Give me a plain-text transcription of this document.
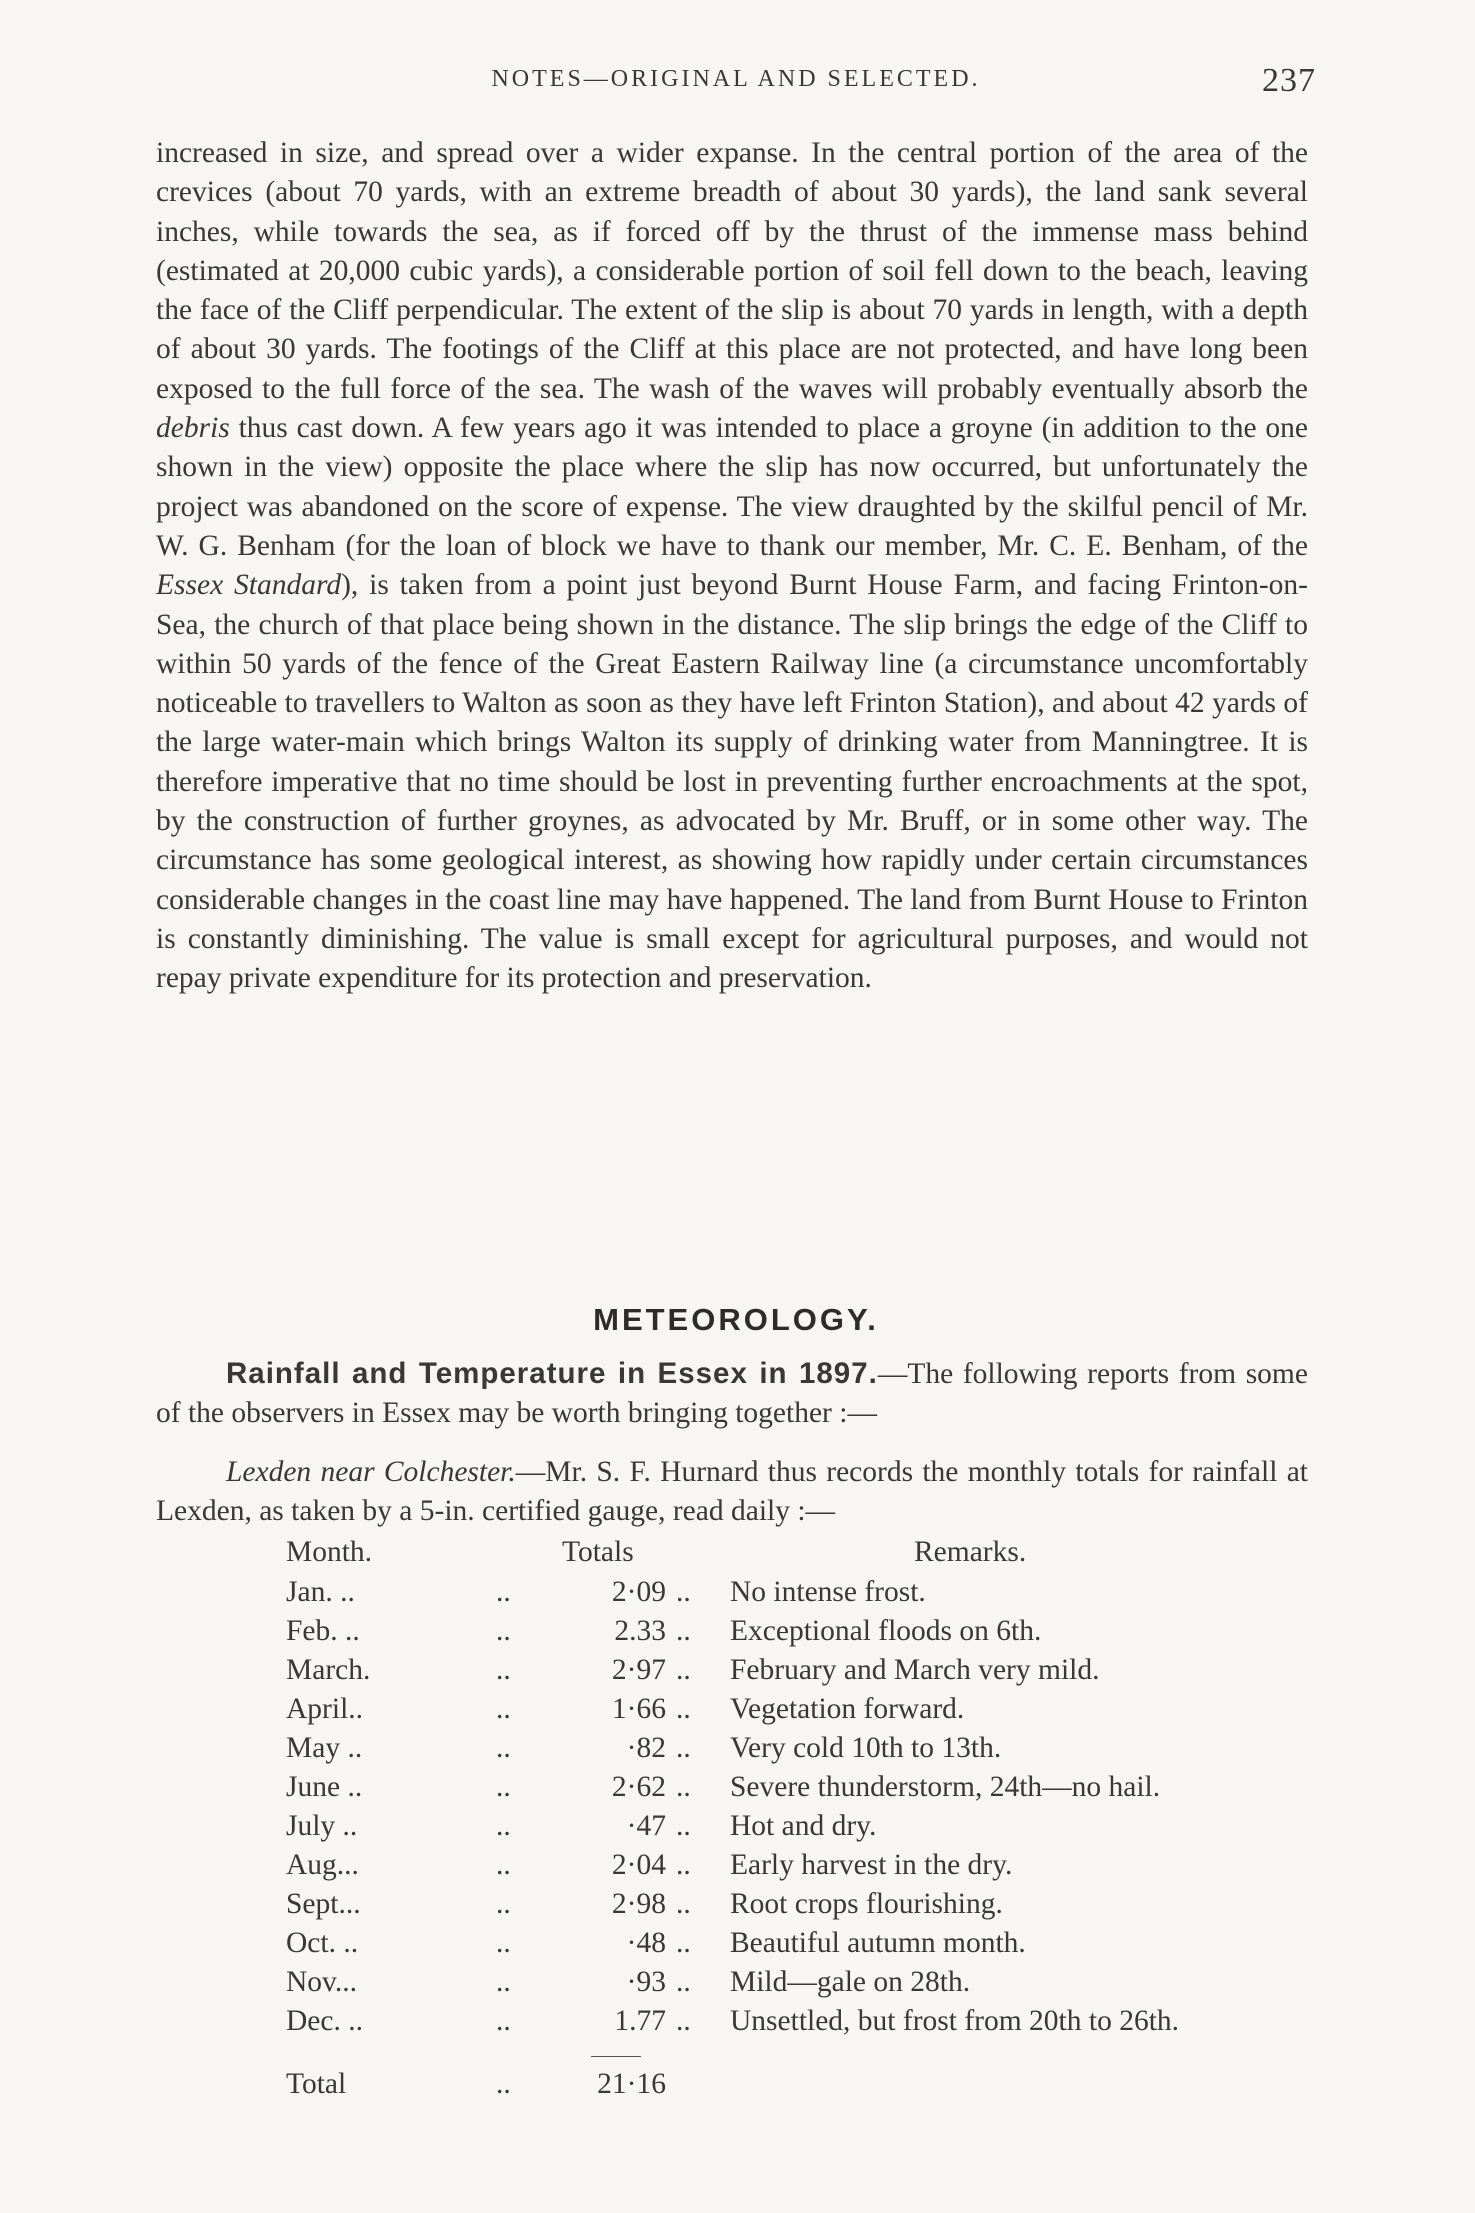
NOTES—ORIGINAL AND SELECTED.	237

increased in size, and spread over a wider expanse. In the central portion of the area of the crevices (about 70 yards, with an extreme breadth of about 30 yards), the land sank several inches, while towards the sea, as if forced off by the thrust of the immense mass behind (estimated at 20,000 cubic yards), a considerable portion of soil fell down to the beach, leaving the face of the Cliff perpendicular. The extent of the slip is about 70 yards in length, with a depth of about 30 yards. The footings of the Cliff at this place are not protected, and have long been exposed to the full force of the sea. The wash of the waves will probably eventually absorb the debris thus cast down. A few years ago it was intended to place a groyne (in addition to the one shown in the view) opposite the place where the slip has now occurred, but unfortunately the project was abandoned on the score of expense. The view draughted by the skilful pencil of Mr. W. G. Benham (for the loan of block we have to thank our member, Mr. C. E. Benham, of the Essex Standard), is taken from a point just beyond Burnt House Farm, and facing Frinton-on-Sea, the church of that place being shown in the distance. The slip brings the edge of the Cliff to within 50 yards of the fence of the Great Eastern Railway line (a circumstance uncomfortably noticeable to travellers to Walton as soon as they have left Frinton Station), and about 42 yards of the large water-main which brings Walton its supply of drinking water from Manningtree. It is therefore imperative that no time should be lost in preventing further encroachments at the spot, by the construction of further groynes, as advocated by Mr. Bruff, or in some other way. The circumstance has some geological interest, as showing how rapidly under certain circumstances considerable changes in the coast line may have happened. The land from Burnt House to Frinton is constantly diminishing. The value is small except for agricultural purposes, and would not repay private expenditure for its protection and preservation.

METEOROLOGY.

Rainfall and Temperature in Essex in 1897.—The following reports from some of the observers in Essex may be worth bringing together :—

Lexden near Colchester.—Mr. S. F. Hurnard thus records the monthly totals for rainfall at Lexden, as taken by a 5-in. certified gauge, read daily :—

Month.	Totals	Remarks.
Jan. ..	..	2·09 .. No intense frost.
Feb. ..	..	2.33 .. Exceptional floods on 6th.
March.	..	2·97 .. February and March very mild.
April..	..	1·66 .. Vegetation forward.
May ..	..	·82 .. Very cold 10th to 13th.
June ..	..	2·62 .. Severe thunderstorm, 24th—no hail.
July ..	..	·47 .. Hot and dry.
Aug...	..	2·04 .. Early harvest in the dry.
Sept...	..	2·98 .. Root crops flourishing.
Oct. ..	..	·48 .. Beautiful autumn month.
Nov...	..	·93 .. Mild—gale on 28th.
Dec. ..	..	1.77 .. Unsettled, but frost from 20th to 26th.
Total	..	21·16
